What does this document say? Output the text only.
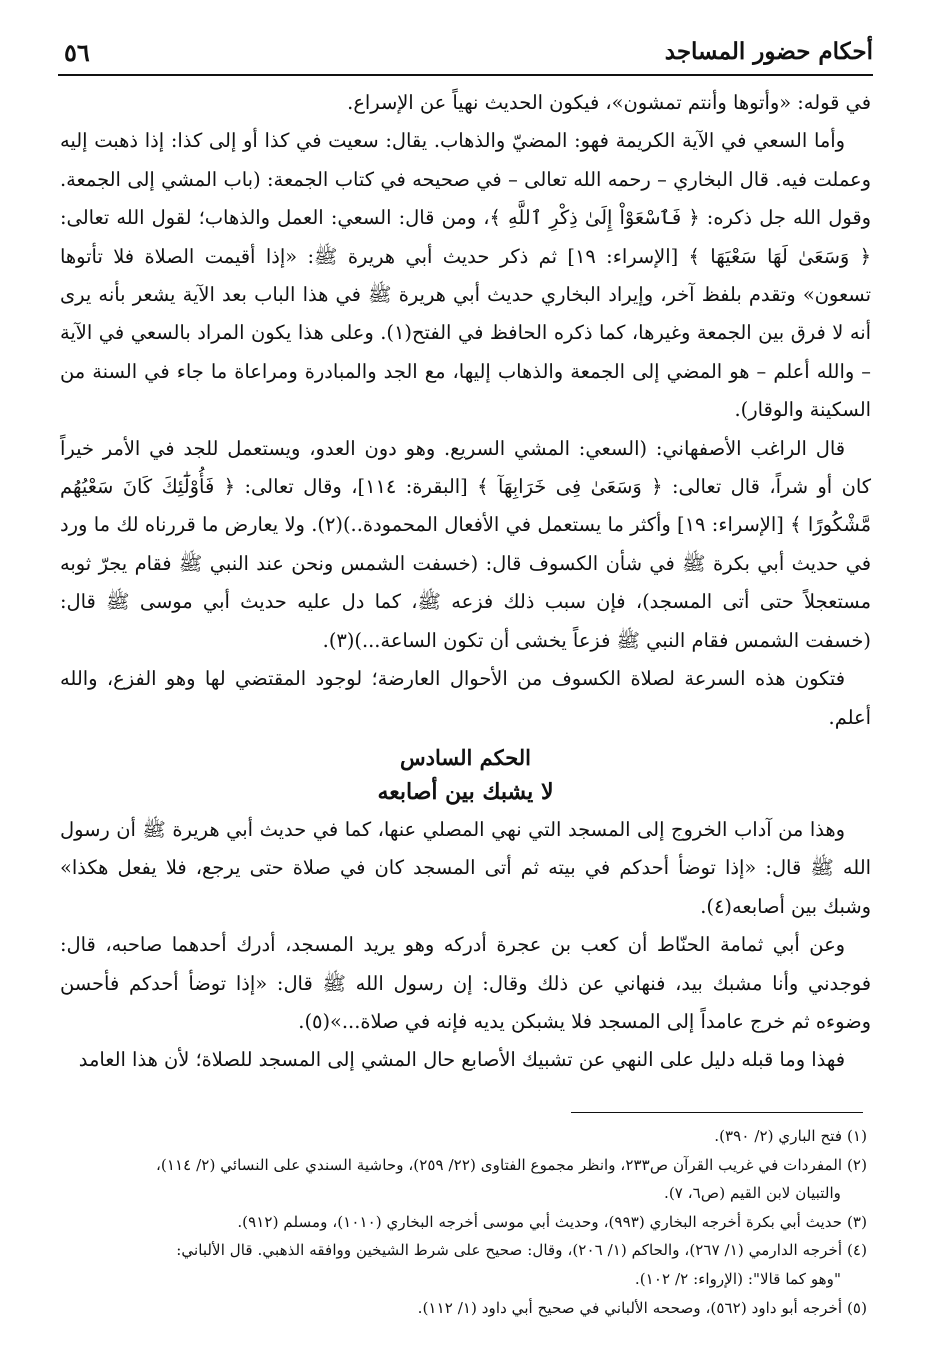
أحكام حضور المساجد
٥٦

في قوله: «وأتوها وأنتم تمشون»، فيكون الحديث نهياً عن الإسراع.

وأما السعي في الآية الكريمة فهو: المضيّ والذهاب. يقال: سعيت في كذا أو إلى كذا: إذا ذهبت إليه وعملت فيه. قال البخاري – رحمه الله تعالى – في صحيحه في كتاب الجمعة: (باب المشي إلى الجمعة. وقول الله جل ذكره: ﴿ فَٱسْعَوْاْ إِلَىٰ ذِكْرِ ٱللَّهِ ﴾، ومن قال: السعي: العمل والذهاب؛ لقول الله تعالى: ﴿ وَسَعَىٰ لَهَا سَعْيَهَا ﴾ [الإسراء: ١٩] ثم ذكر حديث أبي هريرة ﷺ: «إذا أقيمت الصلاة فلا تأتوها تسعون» وتقدم بلفظ آخر، وإيراد البخاري حديث أبي هريرة ﷺ في هذا الباب بعد الآية يشعر بأنه يرى أنه لا فرق بين الجمعة وغيرها، كما ذكره الحافظ في الفتح(١). وعلى هذا يكون المراد بالسعي في الآية – والله أعلم – هو المضي إلى الجمعة والذهاب إليها، مع الجد والمبادرة ومراعاة ما جاء في السنة من السكينة والوقار).

قال الراغب الأصفهاني: (السعي: المشي السريع. وهو دون العدو، ويستعمل للجد في الأمر خيراً كان أو شراً، قال تعالى: ﴿ وَسَعَىٰ فِى خَرَابِهَآ ﴾ [البقرة: ١١٤]، وقال تعالى: ﴿ فَأُوْلَٰٓئِكَ كَانَ سَعْيُهُم مَّشْكُورًا ﴾ [الإسراء: ١٩] وأكثر ما يستعمل في الأفعال المحمودة..)(٢). ولا يعارض ما قررناه لك ما ورد في حديث أبي بكرة ﷺ في شأن الكسوف قال: (خسفت الشمس ونحن عند النبي ﷺ فقام يجرّ ثوبه مستعجلاً حتى أتى المسجد)، فإن سبب ذلك فزعه ﷺ، كما دل عليه حديث أبي موسى ﷺ قال: (خسفت الشمس فقام النبي ﷺ فزعاً يخشى أن تكون الساعة...)(٣).

فتكون هذه السرعة لصلاة الكسوف من الأحوال العارضة؛ لوجود المقتضي لها وهو الفزع، والله أعلم.

الحكم السادس
لا يشبك بين أصابعه

وهذا من آداب الخروج إلى المسجد التي نهي المصلي عنها، كما في حديث أبي هريرة ﷺ أن رسول الله ﷺ قال: «إذا توضأ أحدكم في بيته ثم أتى المسجد كان في صلاة حتى يرجع، فلا يفعل هكذا» وشبك بين أصابعه(٤).

وعن أبي ثمامة الحنّاط أن كعب بن عجرة أدركه وهو يريد المسجد، أدرك أحدهما صاحبه، قال: فوجدني وأنا مشبك بيد، فنهاني عن ذلك وقال: إن رسول الله ﷺ قال: «إذا توضأ أحدكم فأحسن وضوءه ثم خرج عامداً إلى المسجد فلا يشبكن يديه فإنه في صلاة...»(٥).

فهذا وما قبله دليل على النهي عن تشبيك الأصابع حال المشي إلى المسجد للصلاة؛ لأن هذا العامد

(١) فتح الباري (٢/ ٣٩٠).

(٢) المفردات في غريب القرآن ص٢٣٣، وانظر مجموع الفتاوى (٢٢/ ٢٥٩)، وحاشية السندي على النسائي (٢/ ١١٤)،

والتبيان لابن القيم (ص٦، ٧).

(٣) حديث أبي بكرة أخرجه البخاري (٩٩٣)، وحديث أبي موسى أخرجه البخاري (١٠١٠)، ومسلم (٩١٢).

(٤) أخرجه الدارمي (١/ ٢٦٧)، والحاكم (١/ ٢٠٦)، وقال: صحيح على شرط الشيخين ووافقه الذهبي. قال الألباني:

"وهو كما قالا": (الإرواء: ٢/ ١٠٢).

(٥) أخرجه أبو داود (٥٦٢)، وصححه الألباني في صحيح أبي داود (١/ ١١٢).
